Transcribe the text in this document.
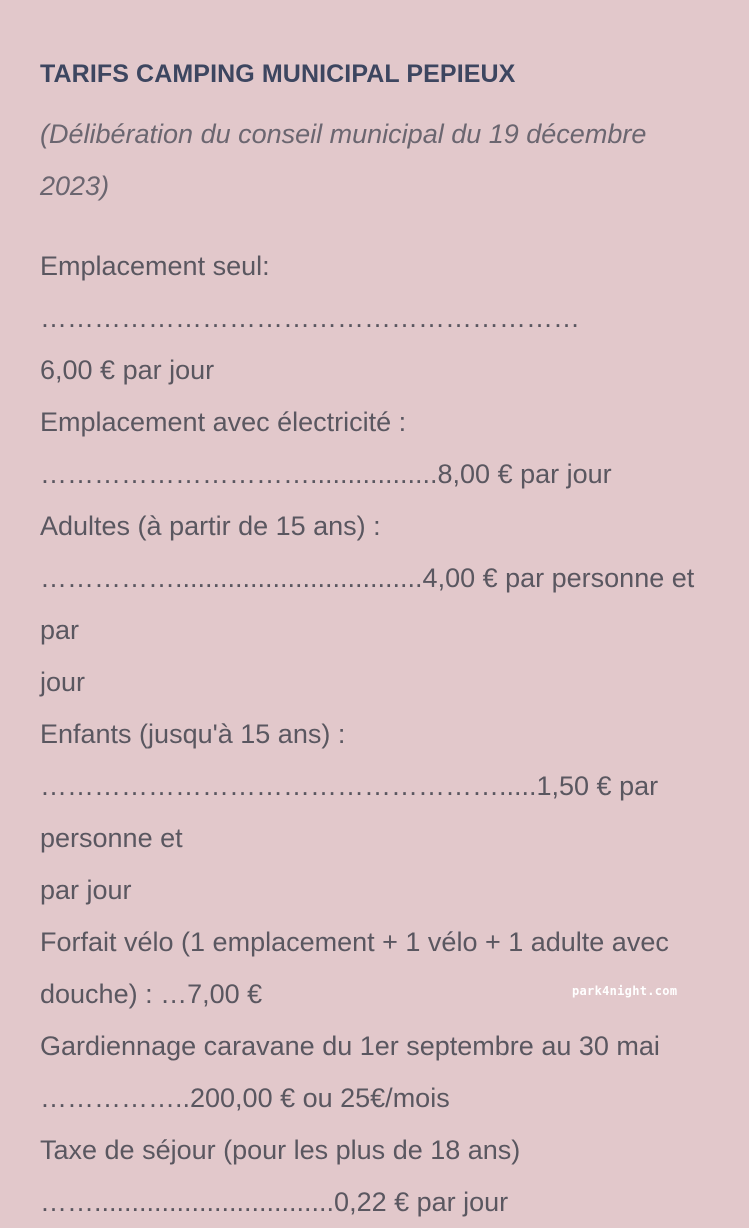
TARIFS CAMPING MUNICIPAL PEPIEUX

(Délibération du conseil municipal du 19 décembre 2023)

Emplacement seul: ……………………………………………………
6,00 € par jour
Emplacement avec électricité :
………………………….................8,00 € par jour
Adultes (à partir de 15 ans) :
…………….................................4,00 € par personne et par
jour
Enfants (jusqu'à 15 ans) :
…………………………………………….....1,50 € par personne et
par jour
Forfait vélo (1 emplacement + 1 vélo + 1 adulte avec
douche) : …7,00 €
Gardiennage caravane du 1er septembre au 30 mai
……………..200,00 € ou 25€/mois
Taxe de séjour (pour les plus de 18 ans)
……................................0,22 € par jour
park4night.com
